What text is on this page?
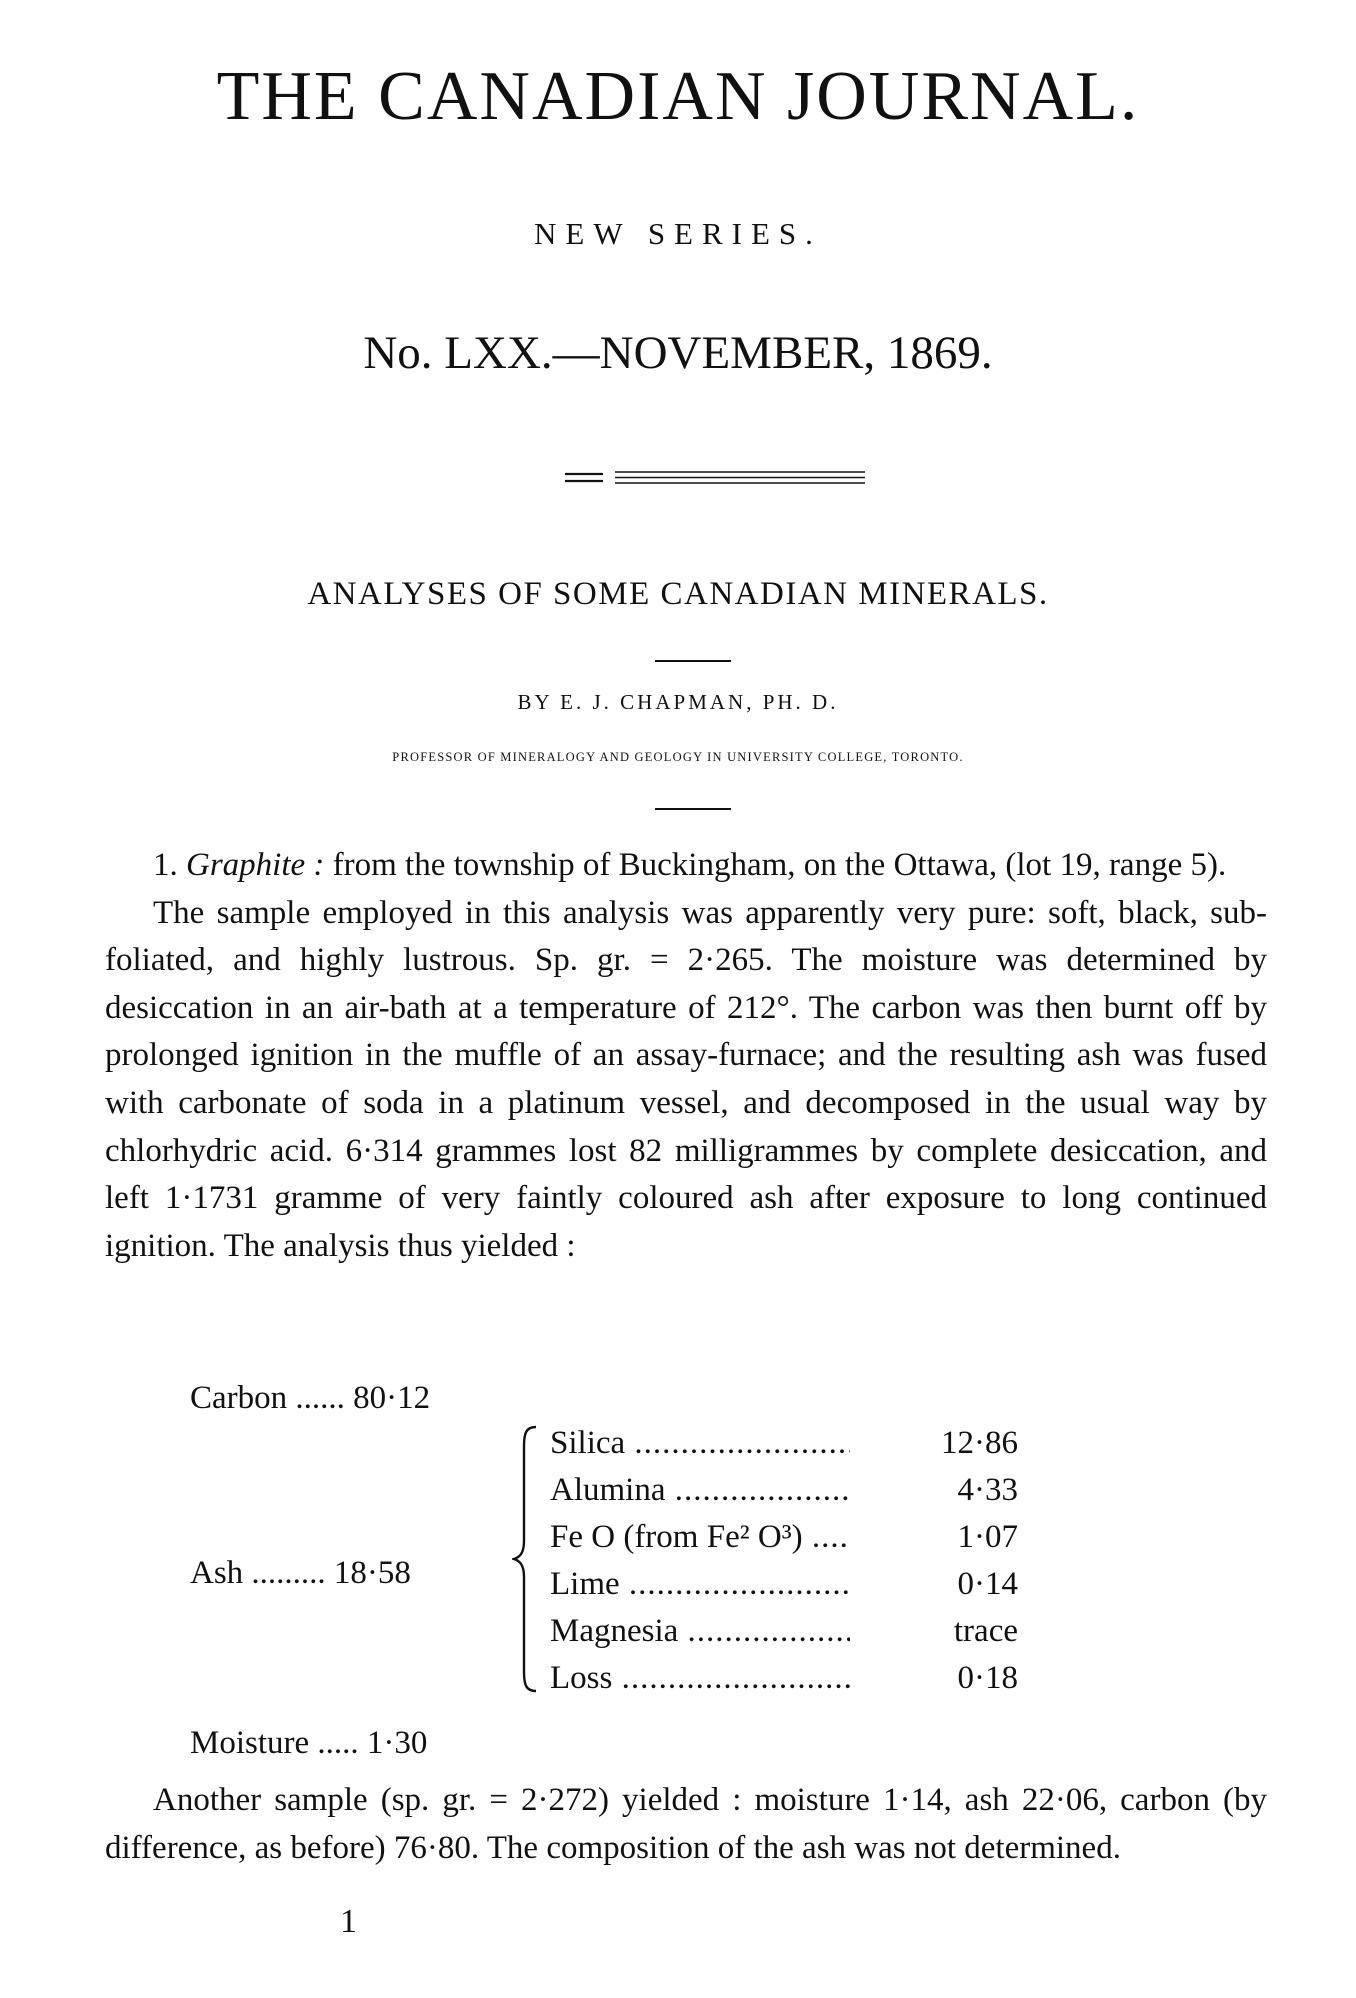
THE CANADIAN JOURNAL.
NEW SERIES.
No. LXX.—NOVEMBER, 1869.
ANALYSES OF SOME CANADIAN MINERALS.
BY E. J. CHAPMAN, PH. D.
PROFESSOR OF MINERALOGY AND GEOLOGY IN UNIVERSITY COLLEGE, TORONTO.

1. Graphite : from the township of Buckingham, on the Ottawa, (lot 19, range 5).

The sample employed in this analysis was apparently very pure: soft, black, sub-foliated, and highly lustrous. Sp. gr. = 2·265. The moisture was determined by desiccation in an air-bath at a temperature of 212°. The carbon was then burnt off by prolonged ignition in the muffle of an assay-furnace; and the resulting ash was fused with carbonate of soda in a platinum vessel, and decomposed in the usual way by chlorhydric acid. 6·314 grammes lost 82 milligrammes by complete desiccation, and left 1·1731 gramme of very faintly coloured ash after exposure to long continued ignition. The analysis thus yielded :

Carbon ...... 80·12
Ash ......... 18·58
Silica .....	12·86
Alumina .....	4·33
Fe O (from Fe² O³) .....	1·07
Lime .....	0·14
Magnesia .....	trace
Loss .....	0·18
Moisture ..... 1·30

Another sample (sp. gr. = 2·272) yielded : moisture 1·14, ash 22·06, carbon (by difference, as before) 76·80. The composition of the ash was not determined.

1
